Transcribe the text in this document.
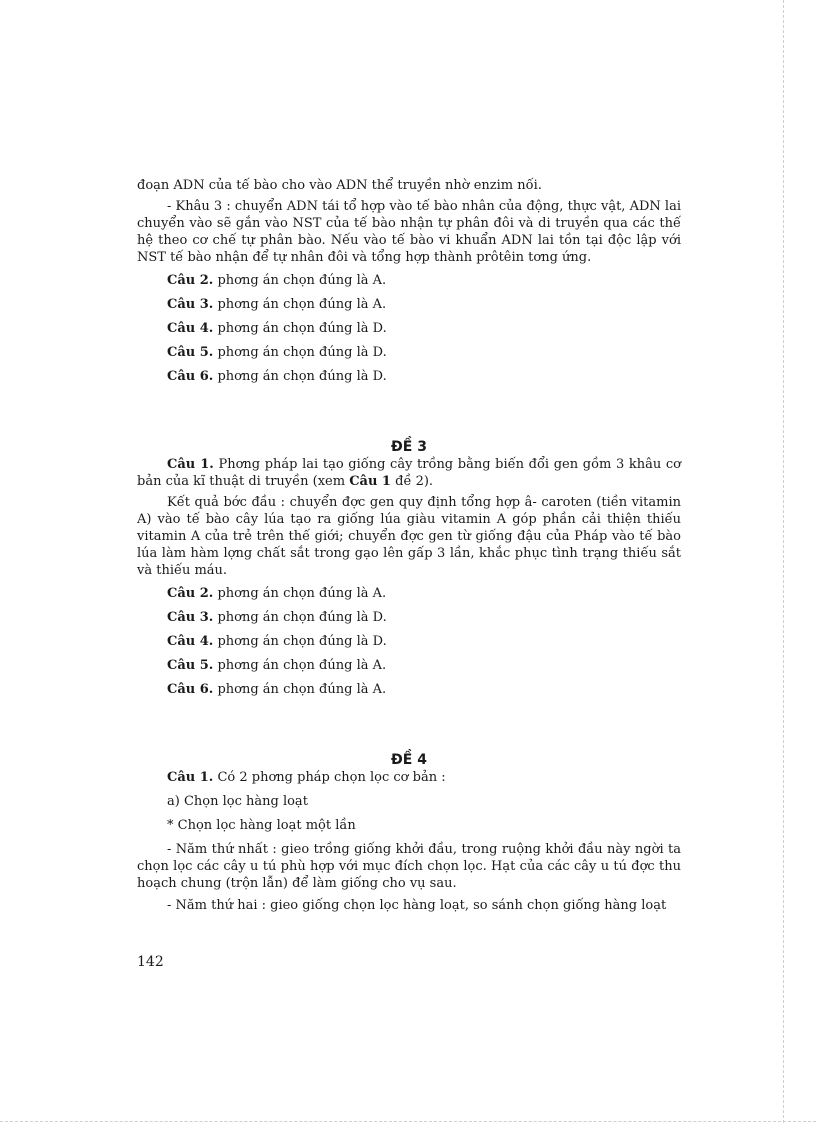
đoạn ADN của tế bào cho vào ADN thể truyền nhờ enzim nối.

- Khâu 3 : chuyển ADN tái tổ hợp vào tế bào nhân của động, thực vật, ADN lai chuyển vào sẽ gắn vào NST của tế bào nhận tự phân đôi và di truyền qua các thế hệ theo cơ chế tự phân bào. Nếu vào tế bào vi khuẩn ADN lai tồn tại độc lập với NST tế bào nhận để tự nhân đôi và tổng hợp thành prôtêin tơng ứng.

Câu 2. phơng án chọn đúng là A.
Câu 3. phơng án chọn đúng là A.
Câu 4. phơng án chọn đúng là D.
Câu 5. phơng án chọn đúng là D.
Câu 6. phơng án chọn đúng là D.
ĐỀ 3

Câu 1. Phơng pháp lai tạo giống cây trồng bằng biến đổi gen gồm 3 khâu cơ bản của kĩ thuật di truyền (xem Câu 1 đề 2).

Kết quả bớc đầu : chuyển đợc gen quy định tổng hợp â- caroten (tiền vitamin A) vào tế bào cây lúa tạo ra giống lúa giàu vitamin A góp phần cải thiện thiếu vitamin A của trẻ trên thế giới; chuyển đợc gen từ giống đậu của Pháp vào tế bào lúa làm hàm lợng chất sắt trong gạo lên gấp 3 lần, khắc phục tình trạng thiếu sắt và thiếu máu.

Câu 2. phơng án chọn đúng là A.
Câu 3. phơng án chọn đúng là D.
Câu 4. phơng án chọn đúng là D.
Câu 5. phơng án chọn đúng là A.
Câu 6. phơng án chọn đúng là A.
ĐỀ 4
Câu 1. Có 2 phơng pháp chọn lọc cơ bản :
a) Chọn lọc hàng loạt
* Chọn lọc hàng loạt một lần

- Năm thứ nhất : gieo trồng giống khởi đầu, trong ruộng khởi đầu này ngời ta chọn lọc các cây u tú phù hợp với mục đích chọn lọc. Hạt của các cây u tú đợc thu hoạch chung (trộn lẫn) để làm giống cho vụ sau.

- Năm thứ hai : gieo giống chọn lọc hàng loạt, so sánh chọn giống hàng loạt

142
